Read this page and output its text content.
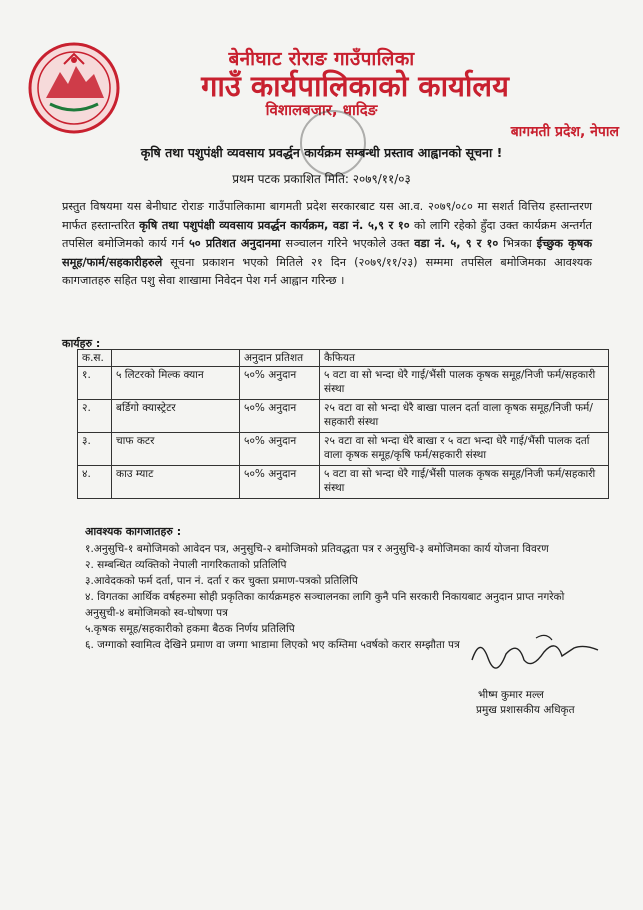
बेनीघाट रोराङ गाउँपालिका
गाउँ कार्यपालिकाको कार्यालय
विशालबजार, धादिङ
बागमती प्रदेश, नेपाल
कृषि तथा पशुपंक्षी व्यवसाय प्रवर्द्धन कार्यक्रम सम्बन्धी प्रस्ताव आह्वानको सूचना !
प्रथम पटक प्रकाशित मिति: २०७९/११/०३
प्रस्तुत विषयमा यस बेनीघाट रोराङ गाउँपालिकामा बागमती प्रदेश सरकारबाट यस आ.व. २०७९/०८० मा सशर्त वित्तिय हस्तान्तरण मार्फत हस्तान्तरित कृषि तथा पशुपंक्षी व्यवसाय प्रवर्द्धन कार्यक्रम, वडा नं. ५,९ र १० को लागि रहेको हुँदा उक्त कार्यक्रम अन्तर्गत तपसिल बमोजिमको कार्य गर्न ५० प्रतिशत अनुदानमा सञ्चालन गरिने भएकोले उक्त वडा नं. ५, ९ र १० भित्रका ईच्छुक कृषक समूह/फार्म/सहकारीहरुले सूचना प्रकाशन भएको मितिले २१ दिन (२०७९/११/२३) सम्ममा तपसिल बमोजिमका आवश्यक कागजातहरु सहित पशु सेवा शाखामा निवेदन पेश गर्न आह्वान गरिन्छ ।
कार्यहरु :
क.स.		अनुदान प्रतिशत	कैफियत
१.	५ लिटरको मिल्क क्यान	५०% अनुदान	५ वटा वा सो भन्दा धेरै गाई/भैंसी पालक कृषक समूह/निजी फर्म/सहकारी संस्था
२.	बर्डिगो क्यास्ट्रेटर	५०% अनुदान	२५ वटा वा सो भन्दा धेरै बाखा पालन दर्ता वाला कृषक समूह/निजी फर्म/सहकारी संस्था
३.	चाफ कटर	५०% अनुदान	२५ वटा वा सो भन्दा धेरै बाखा र ५ वटा भन्दा धेरै गाई/भैंसी पालक दर्ता वाला कृषक समूह/कृषि फर्म/सहकारी संस्था
४.	काउ म्याट	५०% अनुदान	५ वटा वा सो भन्दा धेरै गाई/भैंसी पालक कृषक समूह/निजी फर्म/सहकारी संस्था
आवश्यक कागजातहरु :
१.अनुसुचि-१ बमोजिमको आवेदन पत्र, अनुसुचि-२ बमोजिमको प्रतिवद्धता पत्र र अनुसुचि-३ बमोजिमका कार्य योजना विवरण
२. सम्बन्धित व्यक्तिको नेपाली नागरिकताको प्रतिलिपि
३.आवेदकको फर्म दर्ता, पान नं. दर्ता र कर चुक्ता प्रमाण-पत्रको प्रतिलिपि
४. विगतका आर्थिक वर्षहरुमा सोही प्रकृतिका कार्यक्रमहरु सञ्चालनका लागि कुनै पनि सरकारी निकायबाट अनुदान प्राप्त नगरेको अनुसुची-४ बमोजिमको स्व-घोषणा पत्र
५.कृषक समूह/सहकारीको हकमा बैठक निर्णय प्रतिलिपि
६. जग्गाको स्वामित्व देखिने प्रमाण वा जग्गा भाडामा लिएको भए कम्तिमा ५वर्षको करार सम्झौता पत्र
भीष्म कुमार मल्ल
प्रमुख प्रशासकीय अधिकृत
